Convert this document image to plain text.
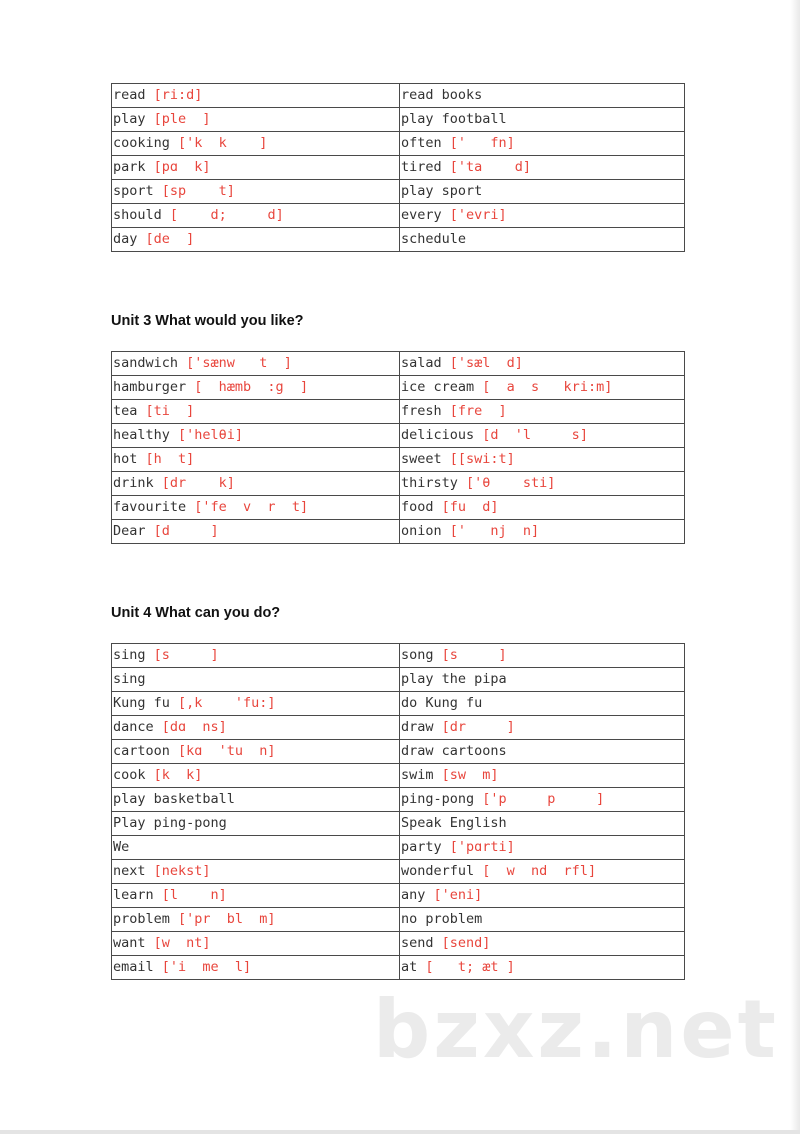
read [ri:d]	read books
play [ple  ]	play football
cooking ['k  k    ]	often ['   fn]
park [pɑ  k]	tired ['ta    d]
sport [sp    t]	play sport
should [    d;     d]	every ['evri]
day [de  ]	schedule
Unit 3 What would you like?
sandwich ['sænw   t  ]	salad ['sæl  d]
hamburger [  hæmb  :g  ]	ice cream [  a  s   kri:m]
tea [ti  ]	fresh [fre  ]
healthy ['helθi]	delicious [d  'l     s]
hot [h  t]	sweet [[swi:t]
drink [dr    k]	thirsty ['θ    sti]
favourite ['fe  v  r  t]	food [fu  d]
Dear [d     ]	onion ['   nj  n]
Unit 4 What can you do?
sing [s     ]	song [s     ]
sing	play the pipa
Kung fu [,k    'fu:]	do Kung fu
dance [dɑ  ns]	draw [dr     ]
cartoon [kɑ  'tu  n]	draw cartoons
cook [k  k]	swim [sw  m]
play basketball	ping-pong ['p     p     ]
Play ping-pong	Speak English
We	party ['pɑrti]
next [nekst]	wonderful [  w  nd  rfl]
learn [l    n]	any ['eni]
problem ['pr  bl  m]	no problem
want [w  nt]	send [send]
email ['i  me  l]	at [   t; æt ]
bzxz.net
